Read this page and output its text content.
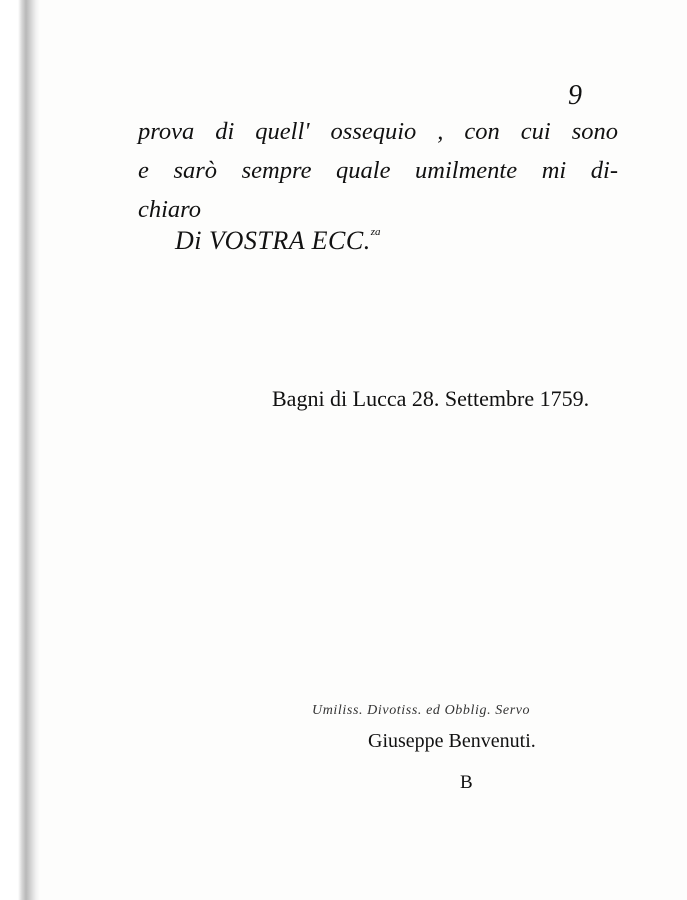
9

prova di quell' ossequio , con cui sono
e sarò sempre quale umilmente mi di-
chiaro

Di VOSTRA ECC.$^{za}$

Bagni di Lucca 28. Settembre 1759.

Umiliss. Divotiss. ed Obblig. Servo

Giuseppe Benvenuti.

B
